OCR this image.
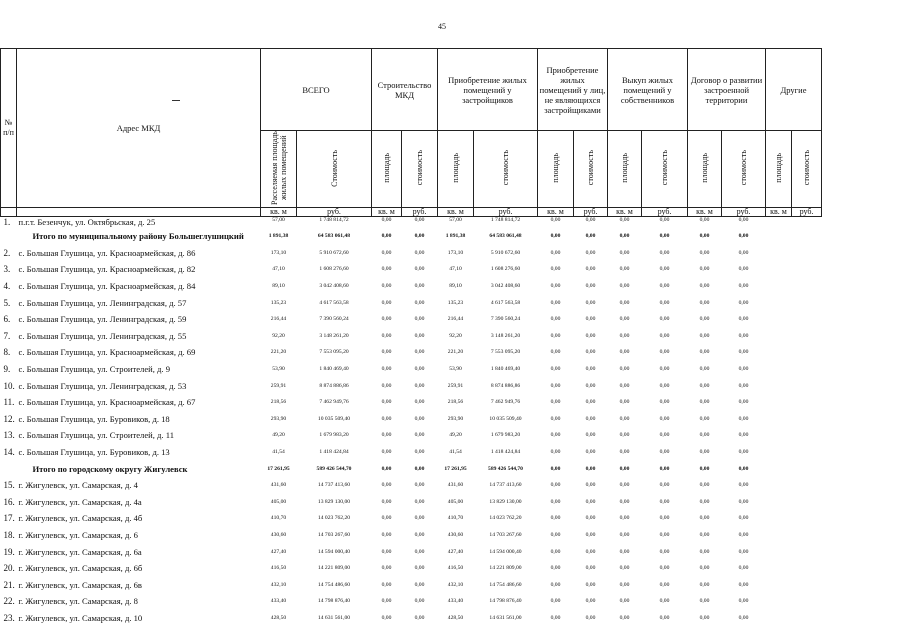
45
№ п/п	Адрес МКД	ВСЕГО		Строительство МКД		Приобретение жилых помещений у застройщиков		Приобретение жилых помещений у лиц, не являющихся застройщиками		Выкуп жилых помещений у собственников		Договор о развитии застроенной территории		Другие	
		Расселяемая площадь жилых помещений	Стоимость	площадь	стоимость	площадь	стоимость	площадь	стоимость	площадь	стоимость	площадь	стоимость	площадь	стоимость
		кв. м	руб.	кв. м	руб.	кв. м	руб.	кв. м	руб.	кв. м	руб.	кв. м	руб.	кв. м	руб.
1.	п.г.т. Безенчук, ул. Октябрьская, д. 25	57,00	1 748 814,72	0,00	0,00	57,00	1 748 814,72	0,00	0,00	0,00	0,00	0,00	0,00		
	Итого по муниципальному району Большеглушицкий	1 891,38	64 583 061,48	0,00	0,00	1 891,38	64 583 061,48	0,00	0,00	0,00	0,00	0,00	0,00		
2.	с. Большая Глушица, ул. Красноармейская, д. 86	173,10	5 910 672,60	0,00	0,00	173,10	5 910 672,60	0,00	0,00	0,00	0,00	0,00	0,00		
3.	с. Большая Глушица, ул. Красноармейская, д. 82	47,10	1 608 276,60	0,00	0,00	47,10	1 608 276,60	0,00	0,00	0,00	0,00	0,00	0,00		
4.	с. Большая Глушица, ул. Красноармейская, д. 84	89,10	3 042 408,60	0,00	0,00	89,10	3 042 408,60	0,00	0,00	0,00	0,00	0,00	0,00		
5.	с. Большая Глушица, ул. Ленинградская, д. 57	135,23	4 617 563,58	0,00	0,00	135,23	4 617 563,58	0,00	0,00	0,00	0,00	0,00	0,00		
6.	с. Большая Глушица, ул. Ленинградская, д. 59	216,44	7 390 560,24	0,00	0,00	216,44	7 390 560,24	0,00	0,00	0,00	0,00	0,00	0,00		
7.	с. Большая Глушица, ул. Ленинградская, д. 55	92,20	3 148 261,20	0,00	0,00	92,20	3 148 261,20	0,00	0,00	0,00	0,00	0,00	0,00		
8.	с. Большая Глушица, ул. Красноармейская, д. 69	221,20	7 553 095,20	0,00	0,00	221,20	7 553 095,20	0,00	0,00	0,00	0,00	0,00	0,00		
9.	с. Большая Глушица, ул. Строителей, д. 9	53,90	1 840 469,40	0,00	0,00	53,90	1 840 469,40	0,00	0,00	0,00	0,00	0,00	0,00		
10.	с. Большая Глушица, ул. Ленинградская, д. 53	259,91	8 874 886,86	0,00	0,00	259,91	8 874 886,86	0,00	0,00	0,00	0,00	0,00	0,00		
11.	с. Большая Глушица, ул. Красноармейская, д. 67	218,56	7 462 949,76	0,00	0,00	218,56	7 462 949,76	0,00	0,00	0,00	0,00	0,00	0,00		
12.	с. Большая Глушица, ул. Буровиков, д. 18	293,90	10 035 509,40	0,00	0,00	293,90	10 035 509,40	0,00	0,00	0,00	0,00	0,00	0,00		
13.	с. Большая Глушица, ул. Строителей, д. 11	49,20	1 679 983,20	0,00	0,00	49,20	1 679 983,20	0,00	0,00	0,00	0,00	0,00	0,00		
14.	с. Большая Глушица, ул. Буровиков, д. 13	41,54	1 418 424,84	0,00	0,00	41,54	1 418 424,84	0,00	0,00	0,00	0,00	0,00	0,00		
	Итого по городскому округу Жигулевск	17 261,95	589 426 544,70	0,00	0,00	17 261,95	589 426 544,70	0,00	0,00	0,00	0,00	0,00	0,00		
15.	г. Жигулевск, ул. Самарская, д. 4	431,60	14 737 413,60	0,00	0,00	431,60	14 737 413,60	0,00	0,00	0,00	0,00	0,00	0,00		
16.	г. Жигулевск, ул. Самарская, д. 4а	405,00	13 829 130,00	0,00	0,00	405,00	13 829 130,00	0,00	0,00	0,00	0,00	0,00	0,00		
17.	г. Жигулевск, ул. Самарская, д. 4б	410,70	14 023 762,20	0,00	0,00	410,70	14 023 762,20	0,00	0,00	0,00	0,00	0,00	0,00		
18.	г. Жигулевск, ул. Самарская, д. 6	430,60	14 703 267,60	0,00	0,00	430,60	14 703 267,60	0,00	0,00	0,00	0,00	0,00	0,00		
19.	г. Жигулевск, ул. Самарская, д. 6а	427,40	14 594 000,40	0,00	0,00	427,40	14 594 000,40	0,00	0,00	0,00	0,00	0,00	0,00		
20.	г. Жигулевск, ул. Самарская, д. 6б	416,50	14 221 809,00	0,00	0,00	416,50	14 221 809,00	0,00	0,00	0,00	0,00	0,00	0,00		
21.	г. Жигулевск, ул. Самарская, д. 6в	432,10	14 754 486,60	0,00	0,00	432,10	14 754 486,60	0,00	0,00	0,00	0,00	0,00	0,00		
22.	г. Жигулевск, ул. Самарская, д. 8	433,40	14 798 876,40	0,00	0,00	433,40	14 798 876,40	0,00	0,00	0,00	0,00	0,00	0,00		
23.	г. Жигулевск, ул. Самарская, д. 10	428,50	14 631 561,00	0,00	0,00	428,50	14 631 561,00	0,00	0,00	0,00	0,00	0,00	0,00		
